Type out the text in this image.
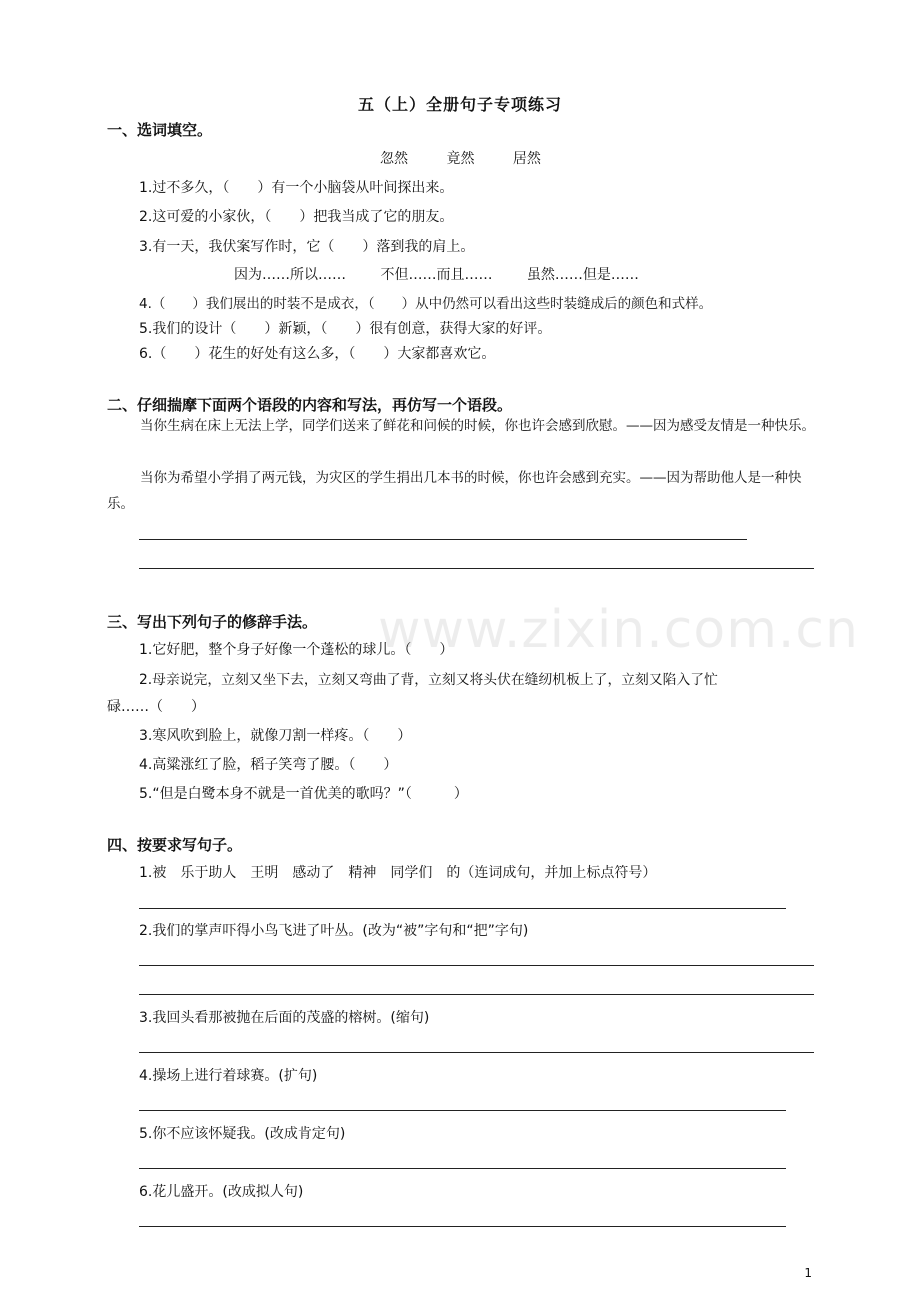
www.zixin.com.cn
五（上）全册句子专项练习
一、选词填空。
忽然	竟然	居然
1.过不多久，（　　）有一个小脑袋从叶间探出来。
2.这可爱的小家伙，（　　）把我当成了它的朋友。
3.有一天，我伏案写作时，它（　　）落到我的肩上。
因为……所以…… 不但……而且…… 虽然……但是……
4.（　　）我们展出的时装不是成衣，（　　）从中仍然可以看出这些时装缝成后的颜色和式样。
5.我们的设计（　　）新颖，（　　）很有创意，获得大家的好评。
6.（　　）花生的好处有这么多，（　　）大家都喜欢它。
二、仔细揣摩下面两个语段的内容和写法，再仿写一个语段。
当你生病在床上无法上学，同学们送来了鲜花和问候的时候，你也许会感到欣慰。——因为感受友情是一种快乐。
当你为希望小学捐了两元钱，为灾区的学生捐出几本书的时候，你也许会感到充实。——因为帮助他人是一种快乐。
三、写出下列句子的修辞手法。
1.它好肥，整个身子好像一个蓬松的球儿。（　　）
2.母亲说完，立刻又坐下去，立刻又弯曲了背，立刻又将头伏在缝纫机板上了，立刻又陷入了忙
碌……（　　）
3.寒风吹到脸上，就像刀割一样疼。（　　）
4.高粱涨红了脸，稻子笑弯了腰。（　　）
5.“但是白鹭本身不就是一首优美的歌吗？”（　　　）
四、按要求写句子。
1.被　乐于助人　王明　感动了　精神　同学们　的（连词成句，并加上标点符号）
2.我们的掌声吓得小鸟飞进了叶丛。(改为“被”字句和“把”字句)
3.我回头看那被抛在后面的茂盛的榕树。(缩句)
4.操场上进行着球赛。(扩句)
5.你不应该怀疑我。(改成肯定句)
6.花儿盛开。(改成拟人句)
1
